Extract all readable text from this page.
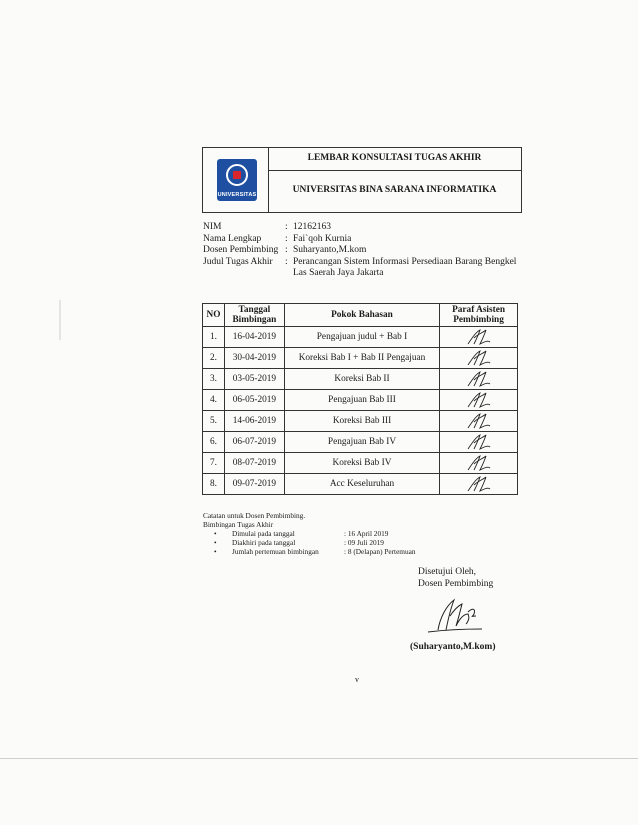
UNIVERSITAS
LEMBAR KONSULTASI TUGAS AKHIR
UNIVERSITAS BINA SARANA INFORMATIKA
NIM	: 12162163
Nama Lengkap	: Fai`qoh Kurnia
Dosen Pembimbing : Suharyanto,M.kom
Judul Tugas Akhir	: Perancangan Sistem Informasi Persediaan Barang Bengkel
Las Saerah Jaya Jakarta
NO	Tanggal Bimbingan	Pokok Bahasan	Paraf Asisten Pembimbing
1.	16-04-2019	Pengajuan judul + Bab I	

2.	30-04-2019	Koreksi Bab I + Bab II Pengajuan	

3.	03-05-2019	Koreksi Bab II	

4.	06-05-2019	Pengajuan Bab III	

5.	14-06-2019	Koreksi Bab III	

6.	06-07-2019	Pengajuan Bab IV	

7.	08-07-2019	Koreksi Bab IV	

8.	09-07-2019	Acc Keseluruhan	
Catatan untuk Dosen Pembimbing.
Bimbingan Tugas Akhir
• Dimulai pada tanggal	: 16 April 2019
• Diakhiri pada tanggal	: 09 Juli 2019
• Jumlah pertemuan bimbingan	: 8 (Delapan) Pertemuan
Disetujui Oleh,
Dosen Pembimbing
(Suharyanto,M.kom)
v
